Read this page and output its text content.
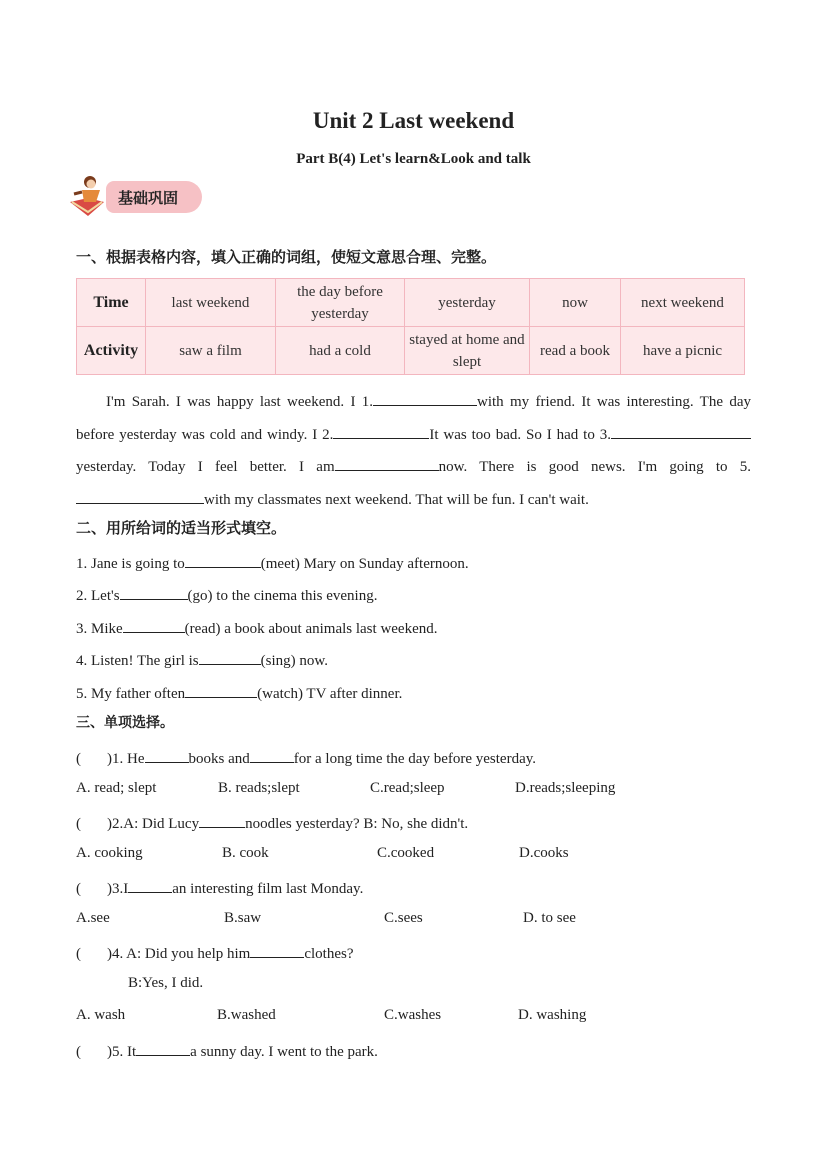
Unit 2 Last weekend
Part B(4) Let's learn&Look and talk
基础巩固
一、根据表格内容，填入正确的词组，使短文意思合理、完整。
Time	last weekend	the day before yesterday	yesterday	now	next weekend
Activity	saw a film	had a cold	stayed at home and slept	read a book	have a picnic
I'm Sarah. I was happy last weekend. I 1.	with my friend. It was interesting. The day before yesterday was cold and windy. I 2.	It was too bad. So I had to 3.yesterday. Today I feel better. I am	now. There is good news. I'm going to 5.with my classmates next weekend. That will be fun. I can't wait.
二、用所给词的适当形式填空。
1. Jane is going to	(meet) Mary on Sunday afternoon.
2. Let's	(go) to the cinema this evening.
3. Mike	(read) a book about animals last weekend.
4. Listen! The girl is	(sing) now.
5. My father often	(watch) TV after dinner.
三、单项选择。
( )1. He	books and	for a long time the day before yesterday.
A. read; slept	B. reads;slept	C.read;sleep	D.reads;sleeping
( )2.A: Did Lucy	noodles yesterday? B: No, she didn't.
A. cooking	B. cook	C.cooked	D.cooks
( )3.I	an interesting film last Monday.
A.see	B.saw	C.sees	D. to see
( )4. A: Did you help him	clothes?
B:Yes, I did.
A. wash	B.washed	C.washes	D. washing
( )5. It	a sunny day. I went to the park.
